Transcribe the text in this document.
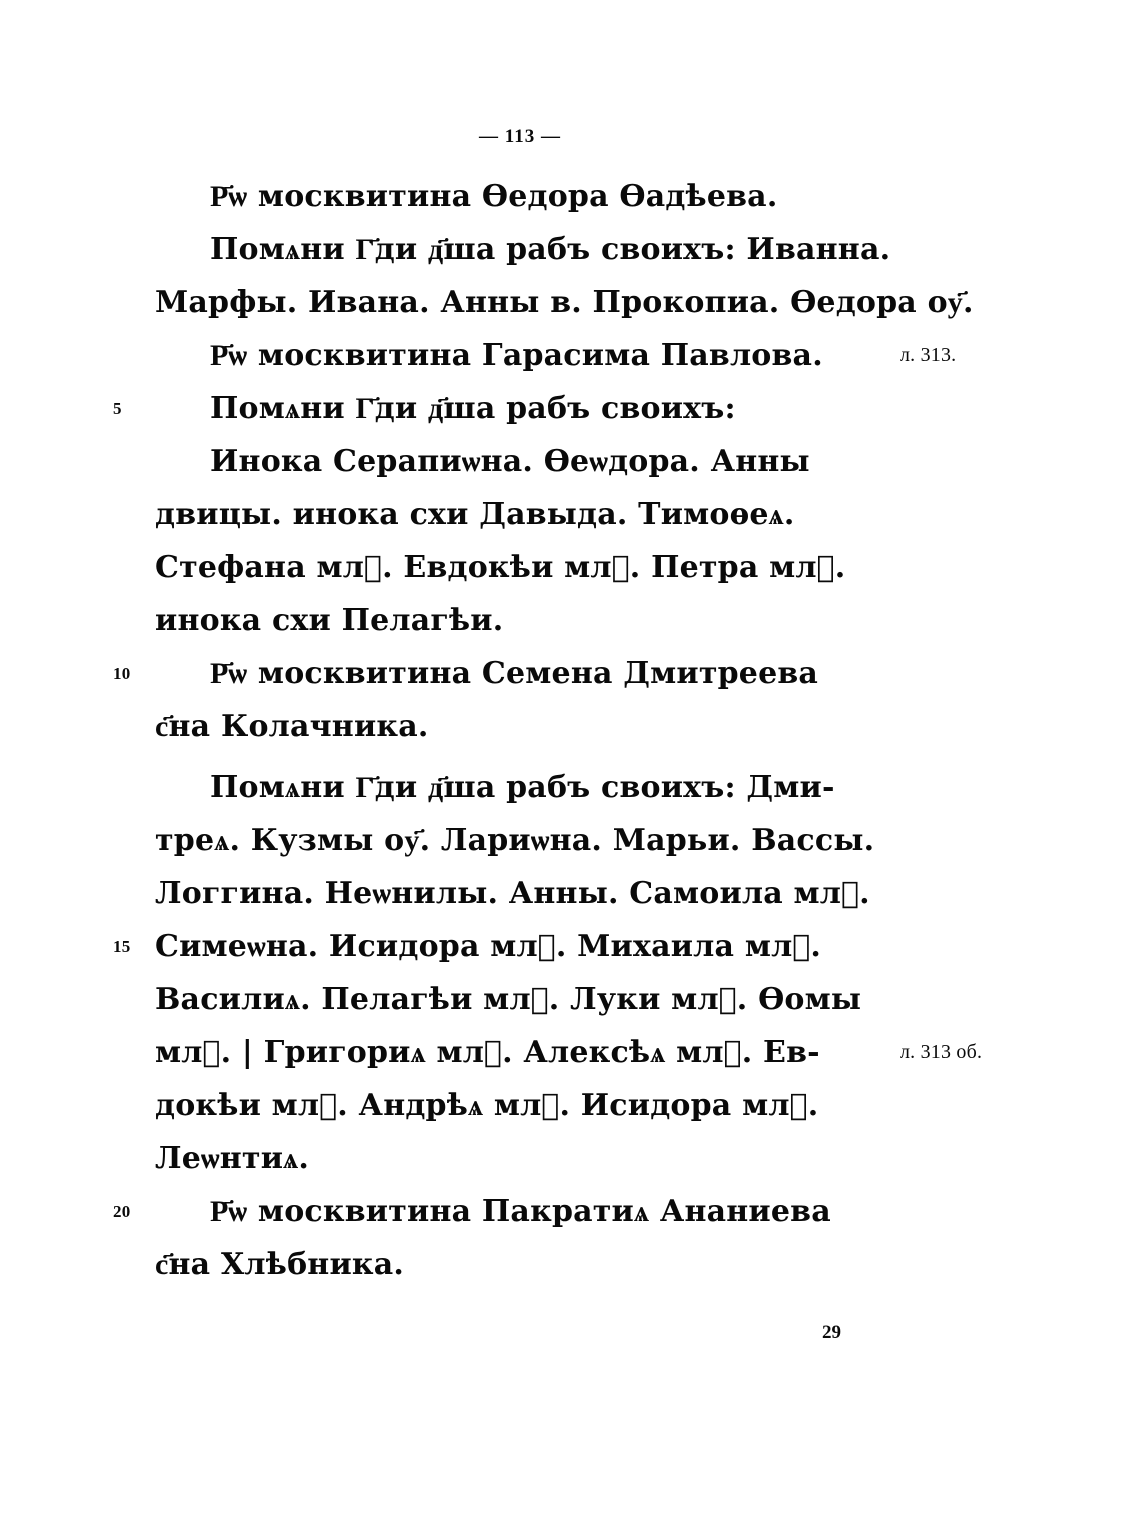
— 113 —
Р҃ѡ москвитина Ѳедора Ѳадѣева.
Помѧни Г҃ди д҃ша рабъ своихъ: Иванна.
Марфы. Ивана. Анны в. Прокопиа. Ѳедора оу҃.
Р҃ѡ москвитина Гарасима Павлова.	л. 313.
5	Помѧни Г҃ди д҃ша рабъ своихъ:
Инока Серапиѡна. Ѳеѡдора. Анны
двицы. инока схи Давыда. Тимоѳеѧ.
Стефана млⷣ. Евдокѣи млⷣ. Петра млⷣ.
инока схи Пелагѣи.
10	Р҃ѡ москвитина Семена Дмитреева
с҃на Колачника.
Помѧни Г҃ди д҃ша рабъ своихъ: Дми-
треѧ. Кузмы оу҃. Лариѡна. Марьи. Вассы.
Логгина. Неѡнилы. Анны. Самоила млⷣ.
15 Симеѡна. Исидора млⷣ. Михаила млⷣ.
Василиѧ. Пелагѣи млⷣ. Луки млⷣ. Ѳомы
млⷣ. | Григориѧ млⷣ. Алексѣѧ млⷣ. Ев-	л. 313 об.
докѣи млⷣ. Андрѣѧ млⷣ. Исидора млⷣ.
Леѡнтиѧ.
20	Р҃ѡ москвитина Пакратиѧ Ананиева
с҃на Хлѣбника.
29
